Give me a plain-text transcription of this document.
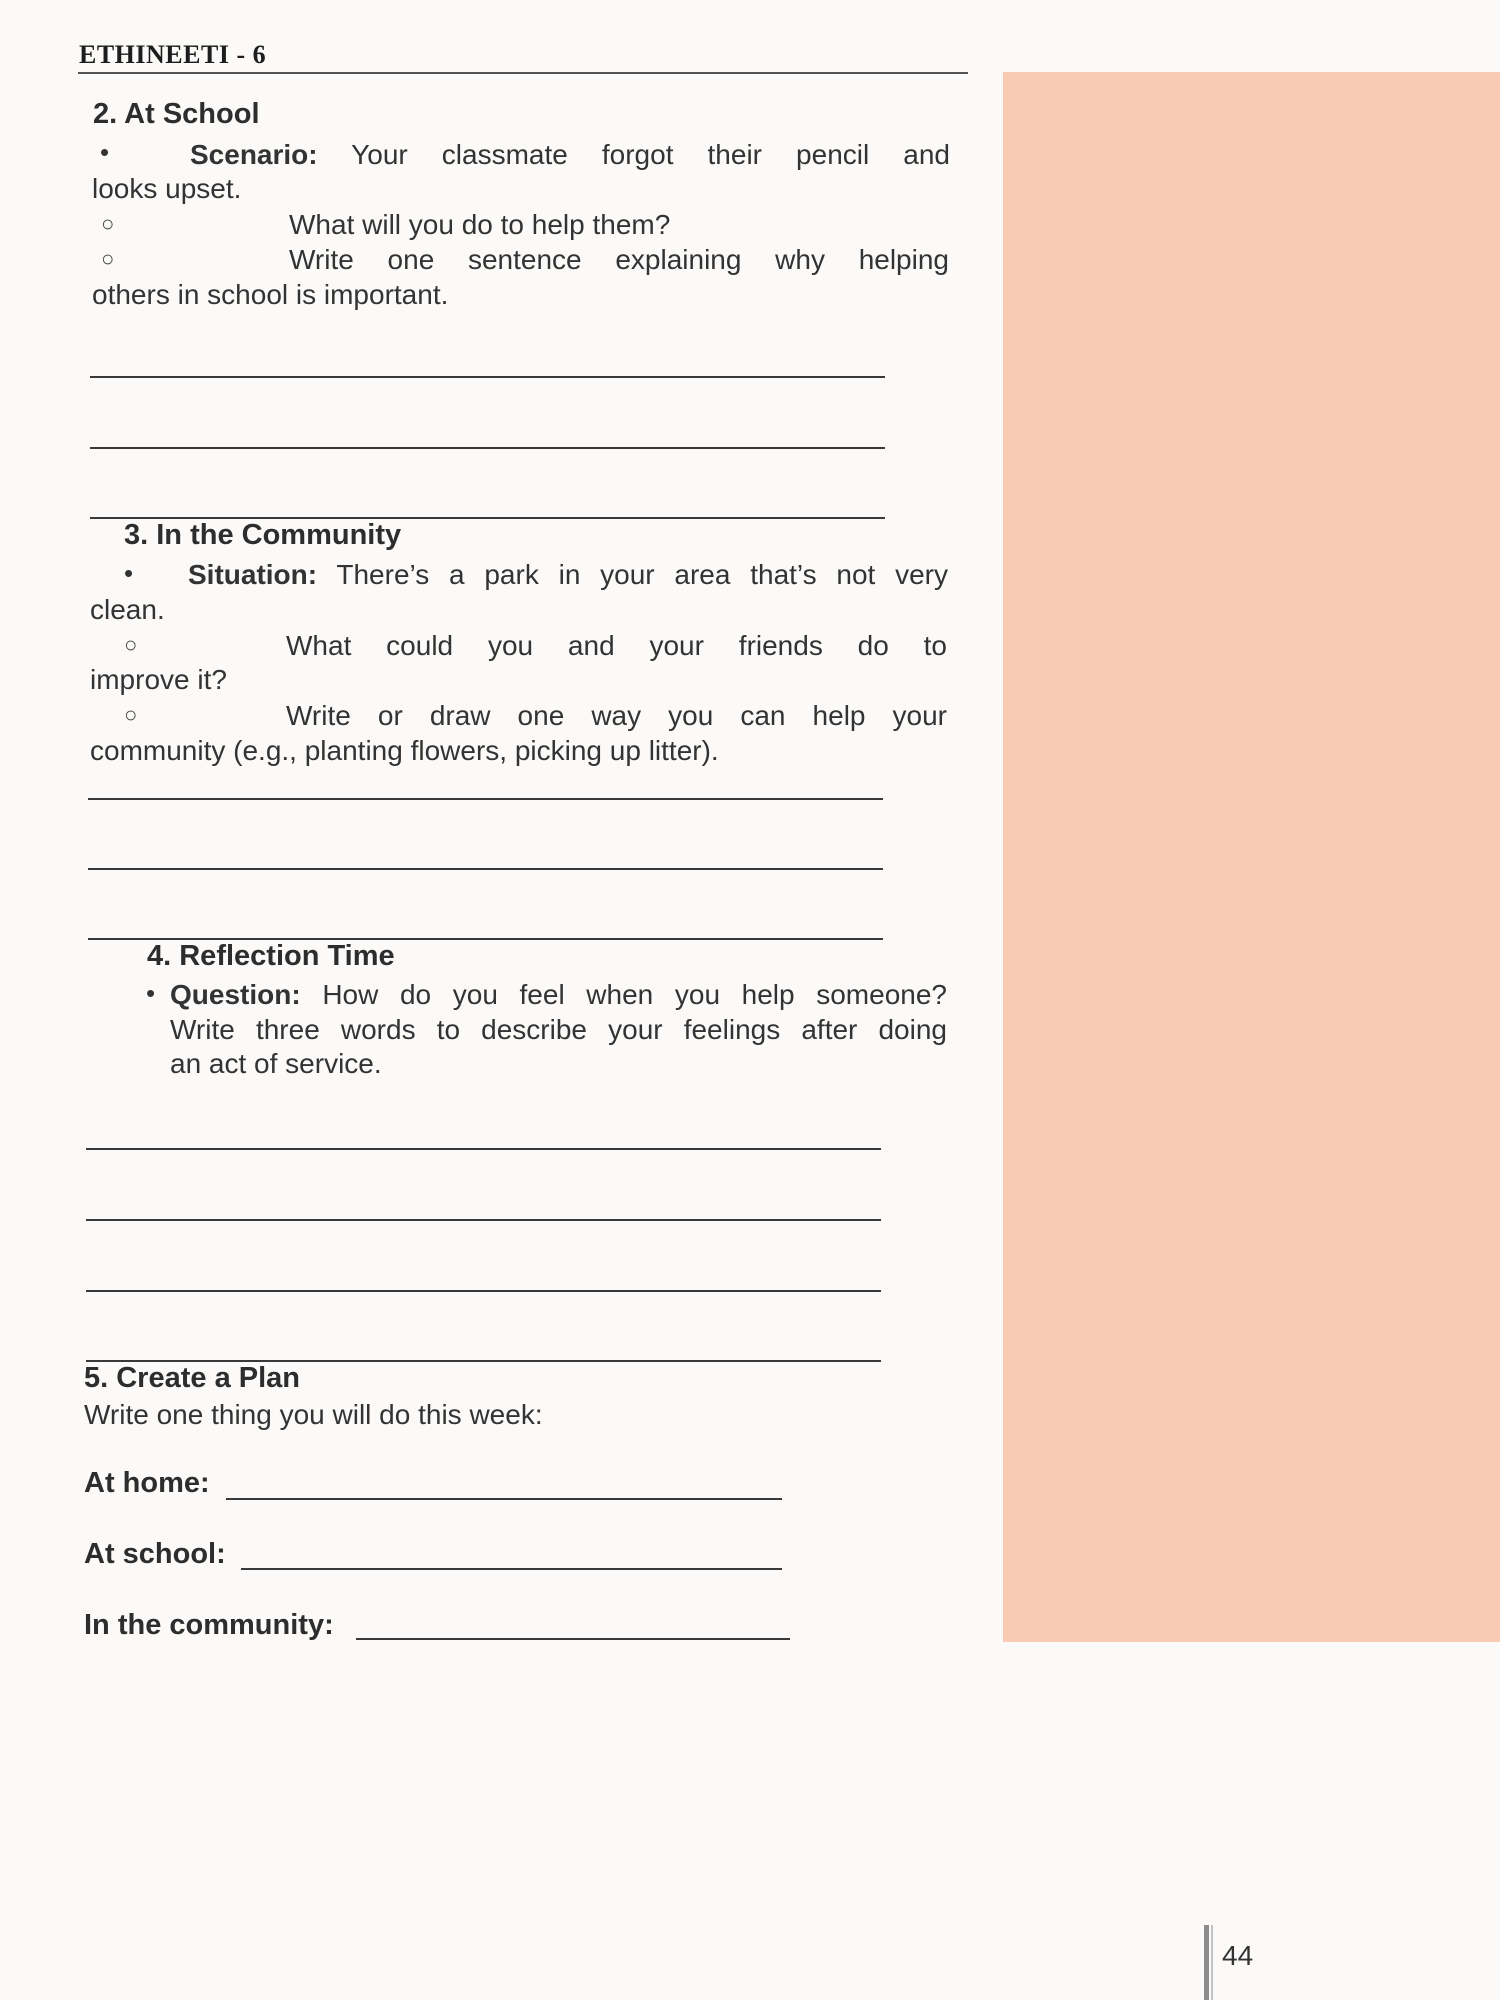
ETHINEETI - 6
2. At School
•	Scenario: Your classmate forgot their pencil and
looks upset.
○	What will you do to help them?
○	Write one sentence explaining why helping
others in school is important.
3. In the Community
• Situation: There’s a park in your area that’s not very
clean.
○	What could you and your friends do to
improve it?
○	Write or draw one way you can help your
community (e.g., planting flowers, picking up litter).
4. Reflection Time
• Question: How do you feel when you help someone?
Write three words to describe your feelings after doing
an act of service.
5. Create a Plan
Write one thing you will do this week:
At home:
At school:
In the community:
44
